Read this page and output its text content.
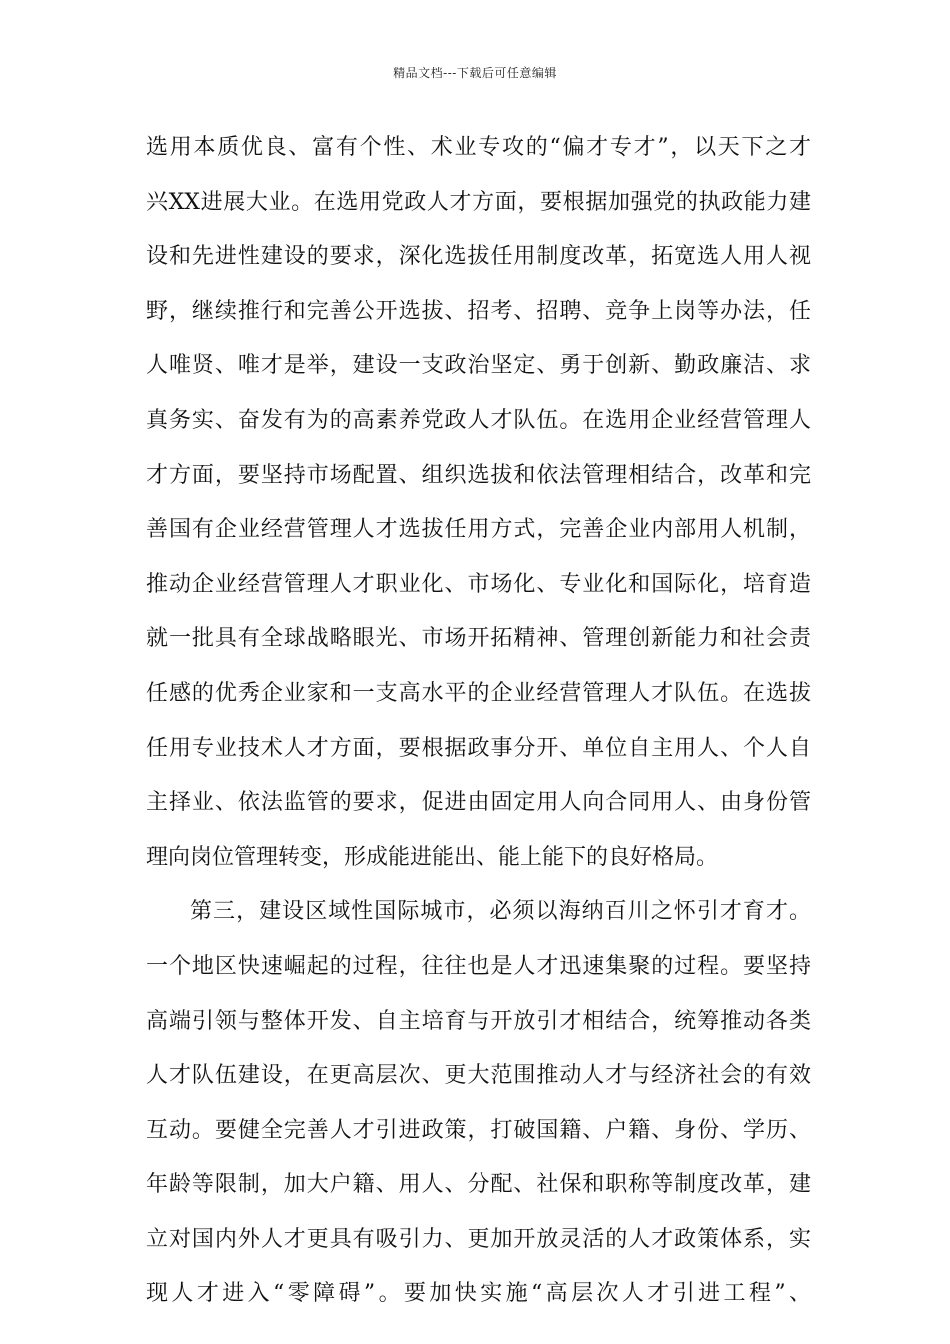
精品文档---下载后可任意编辑
选用本质优良、富有个性、术业专攻的“偏才专才”，以天下之才
兴XX进展大业。在选用党政人才方面，要根据加强党的执政能力建
设和先进性建设的要求，深化选拔任用制度改革，拓宽选人用人视
野，继续推行和完善公开选拔、招考、招聘、竞争上岗等办法，任
人唯贤、唯才是举，建设一支政治坚定、勇于创新、勤政廉洁、求
真务实、奋发有为的高素养党政人才队伍。在选用企业经营管理人
才方面，要坚持市场配置、组织选拔和依法管理相结合，改革和完
善国有企业经营管理人才选拔任用方式，完善企业内部用人机制，
推动企业经营管理人才职业化、市场化、专业化和国际化，培育造
就一批具有全球战略眼光、市场开拓精神、管理创新能力和社会责
任感的优秀企业家和一支高水平的企业经营管理人才队伍。在选拔
任用专业技术人才方面，要根据政事分开、单位自主用人、个人自
主择业、依法监管的要求，促进由固定用人向合同用人、由身份管
理向岗位管理转变，形成能进能出、能上能下的良好格局。
第三，建设区域性国际城市，必须以海纳百川之怀引才育才。
一个地区快速崛起的过程，往往也是人才迅速集聚的过程。要坚持
高端引领与整体开发、自主培育与开放引才相结合，统筹推动各类
人才队伍建设，在更高层次、更大范围推动人才与经济社会的有效
互动。要健全完善人才引进政策，打破国籍、户籍、身份、学历、
年龄等限制，加大户籍、用人、分配、社保和职称等制度改革，建
立对国内外人才更具有吸引力、更加开放灵活的人才政策体系，实
现人才进入“零障碍”。要加快实施“高层次人才引进工程”、
